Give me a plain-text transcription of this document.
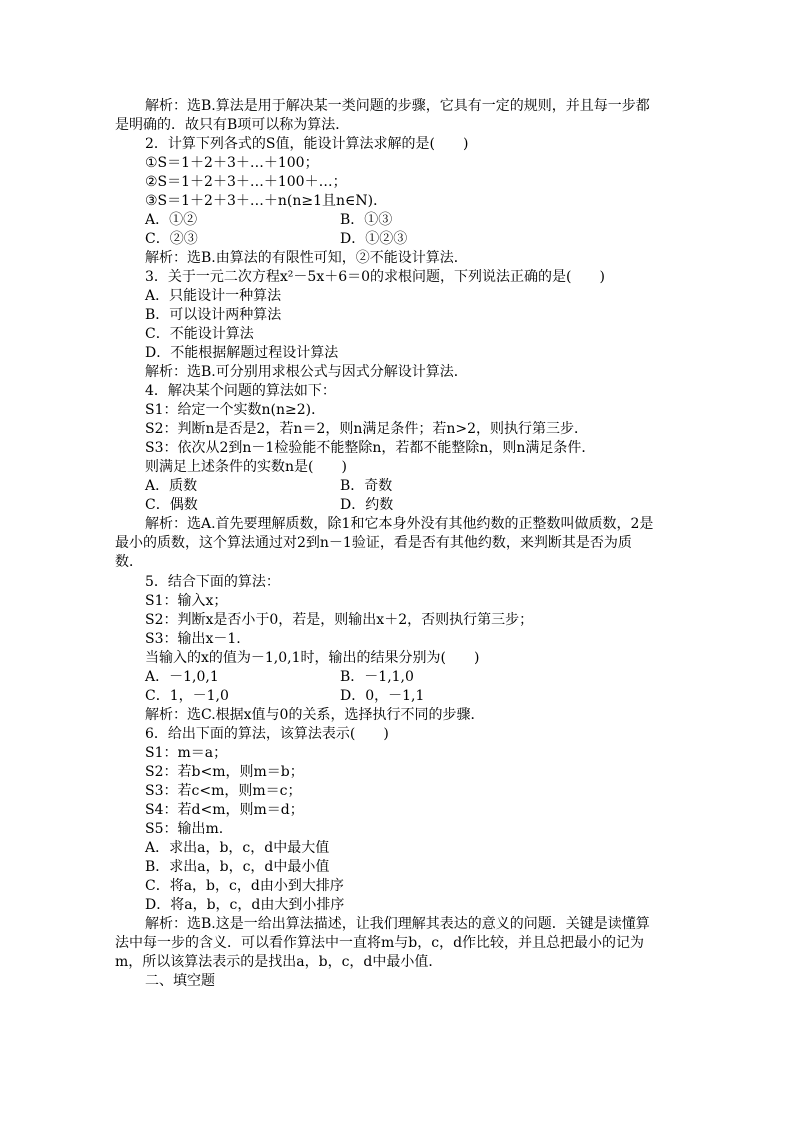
解析：选B.算法是用于解决某一类问题的步骤，它具有一定的规则，并且每一步都
是明确的．故只有B项可以称为算法．
2．计算下列各式的S值，能设计算法求解的是(　　)
①S＝1＋2＋3＋…＋100；
②S＝1＋2＋3＋…＋100＋…；
③S＝1＋2＋3＋…＋n(n≥1且n∈N)．
A．①②	B．①③
C．②③	D．①②③
解析：选B.由算法的有限性可知，②不能设计算法．
3．关于一元二次方程x²－5x＋6＝0的求根问题，下列说法正确的是(　　)
A．只能设计一种算法
B．可以设计两种算法
C．不能设计算法
D．不能根据解题过程设计算法
解析：选B.可分别用求根公式与因式分解设计算法．
4．解决某个问题的算法如下：
S1：给定一个实数n(n≥2)．
S2：判断n是否是2，若n＝2，则n满足条件；若n>2，则执行第三步．
S3：依次从2到n－1检验能不能整除n，若都不能整除n，则n满足条件．
则满足上述条件的实数n是(　　)
A．质数	B．奇数
C．偶数	D．约数
解析：选A.首先要理解质数，除1和它本身外没有其他约数的正整数叫做质数，2是
最小的质数，这个算法通过对2到n－1验证，看是否有其他约数，来判断其是否为质
数．
5．结合下面的算法：
S1：输入x；
S2：判断x是否小于0，若是，则输出x＋2，否则执行第三步；
S3：输出x－1.
当输入的x的值为－1,0,1时，输出的结果分别为(　　)
A．－1,0,1	B．－1,1,0
C．1，－1,0	D．0，－1,1
解析：选C.根据x值与0的关系，选择执行不同的步骤．
6．给出下面的算法，该算法表示(　　)
S1：m＝a；
S2：若b<m，则m＝b；
S3：若c<m，则m＝c；
S4：若d<m，则m＝d；
S5：输出m.
A．求出a，b，c，d中最大值
B．求出a，b，c，d中最小值
C．将a，b，c，d由小到大排序
D．将a，b，c，d由大到小排序
解析：选B.这是一给出算法描述，让我们理解其表达的意义的问题．关键是读懂算
法中每一步的含义．可以看作算法中一直将m与b，c，d作比较，并且总把最小的记为
m，所以该算法表示的是找出a，b，c，d中最小值．
二、填空题
